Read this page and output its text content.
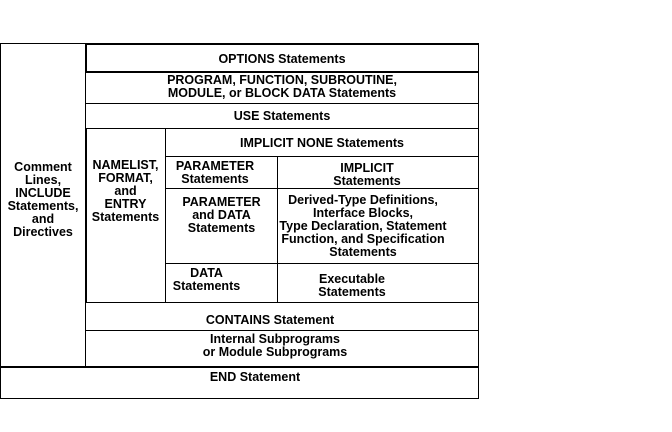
Comment
Lines,
INCLUDE
Statements,
and
Directives
OPTIONS Statements
PROGRAM, FUNCTION, SUBROUTINE,
MODULE, or BLOCK DATA Statements
USE Statements
NAMELIST,
FORMAT,
and
ENTRY
Statements
IMPLICIT NONE Statements
PARAMETER
Statements
IMPLICIT
Statements
PARAMETER
and DATA
Statements
Derived-Type Definitions,
Interface Blocks,
Type Declaration, Statement
Function, and Specification
Statements
DATA
Statements	Executable
Statements
CONTAINS Statement
Internal Subprograms
or Module Subprograms
END Statement
